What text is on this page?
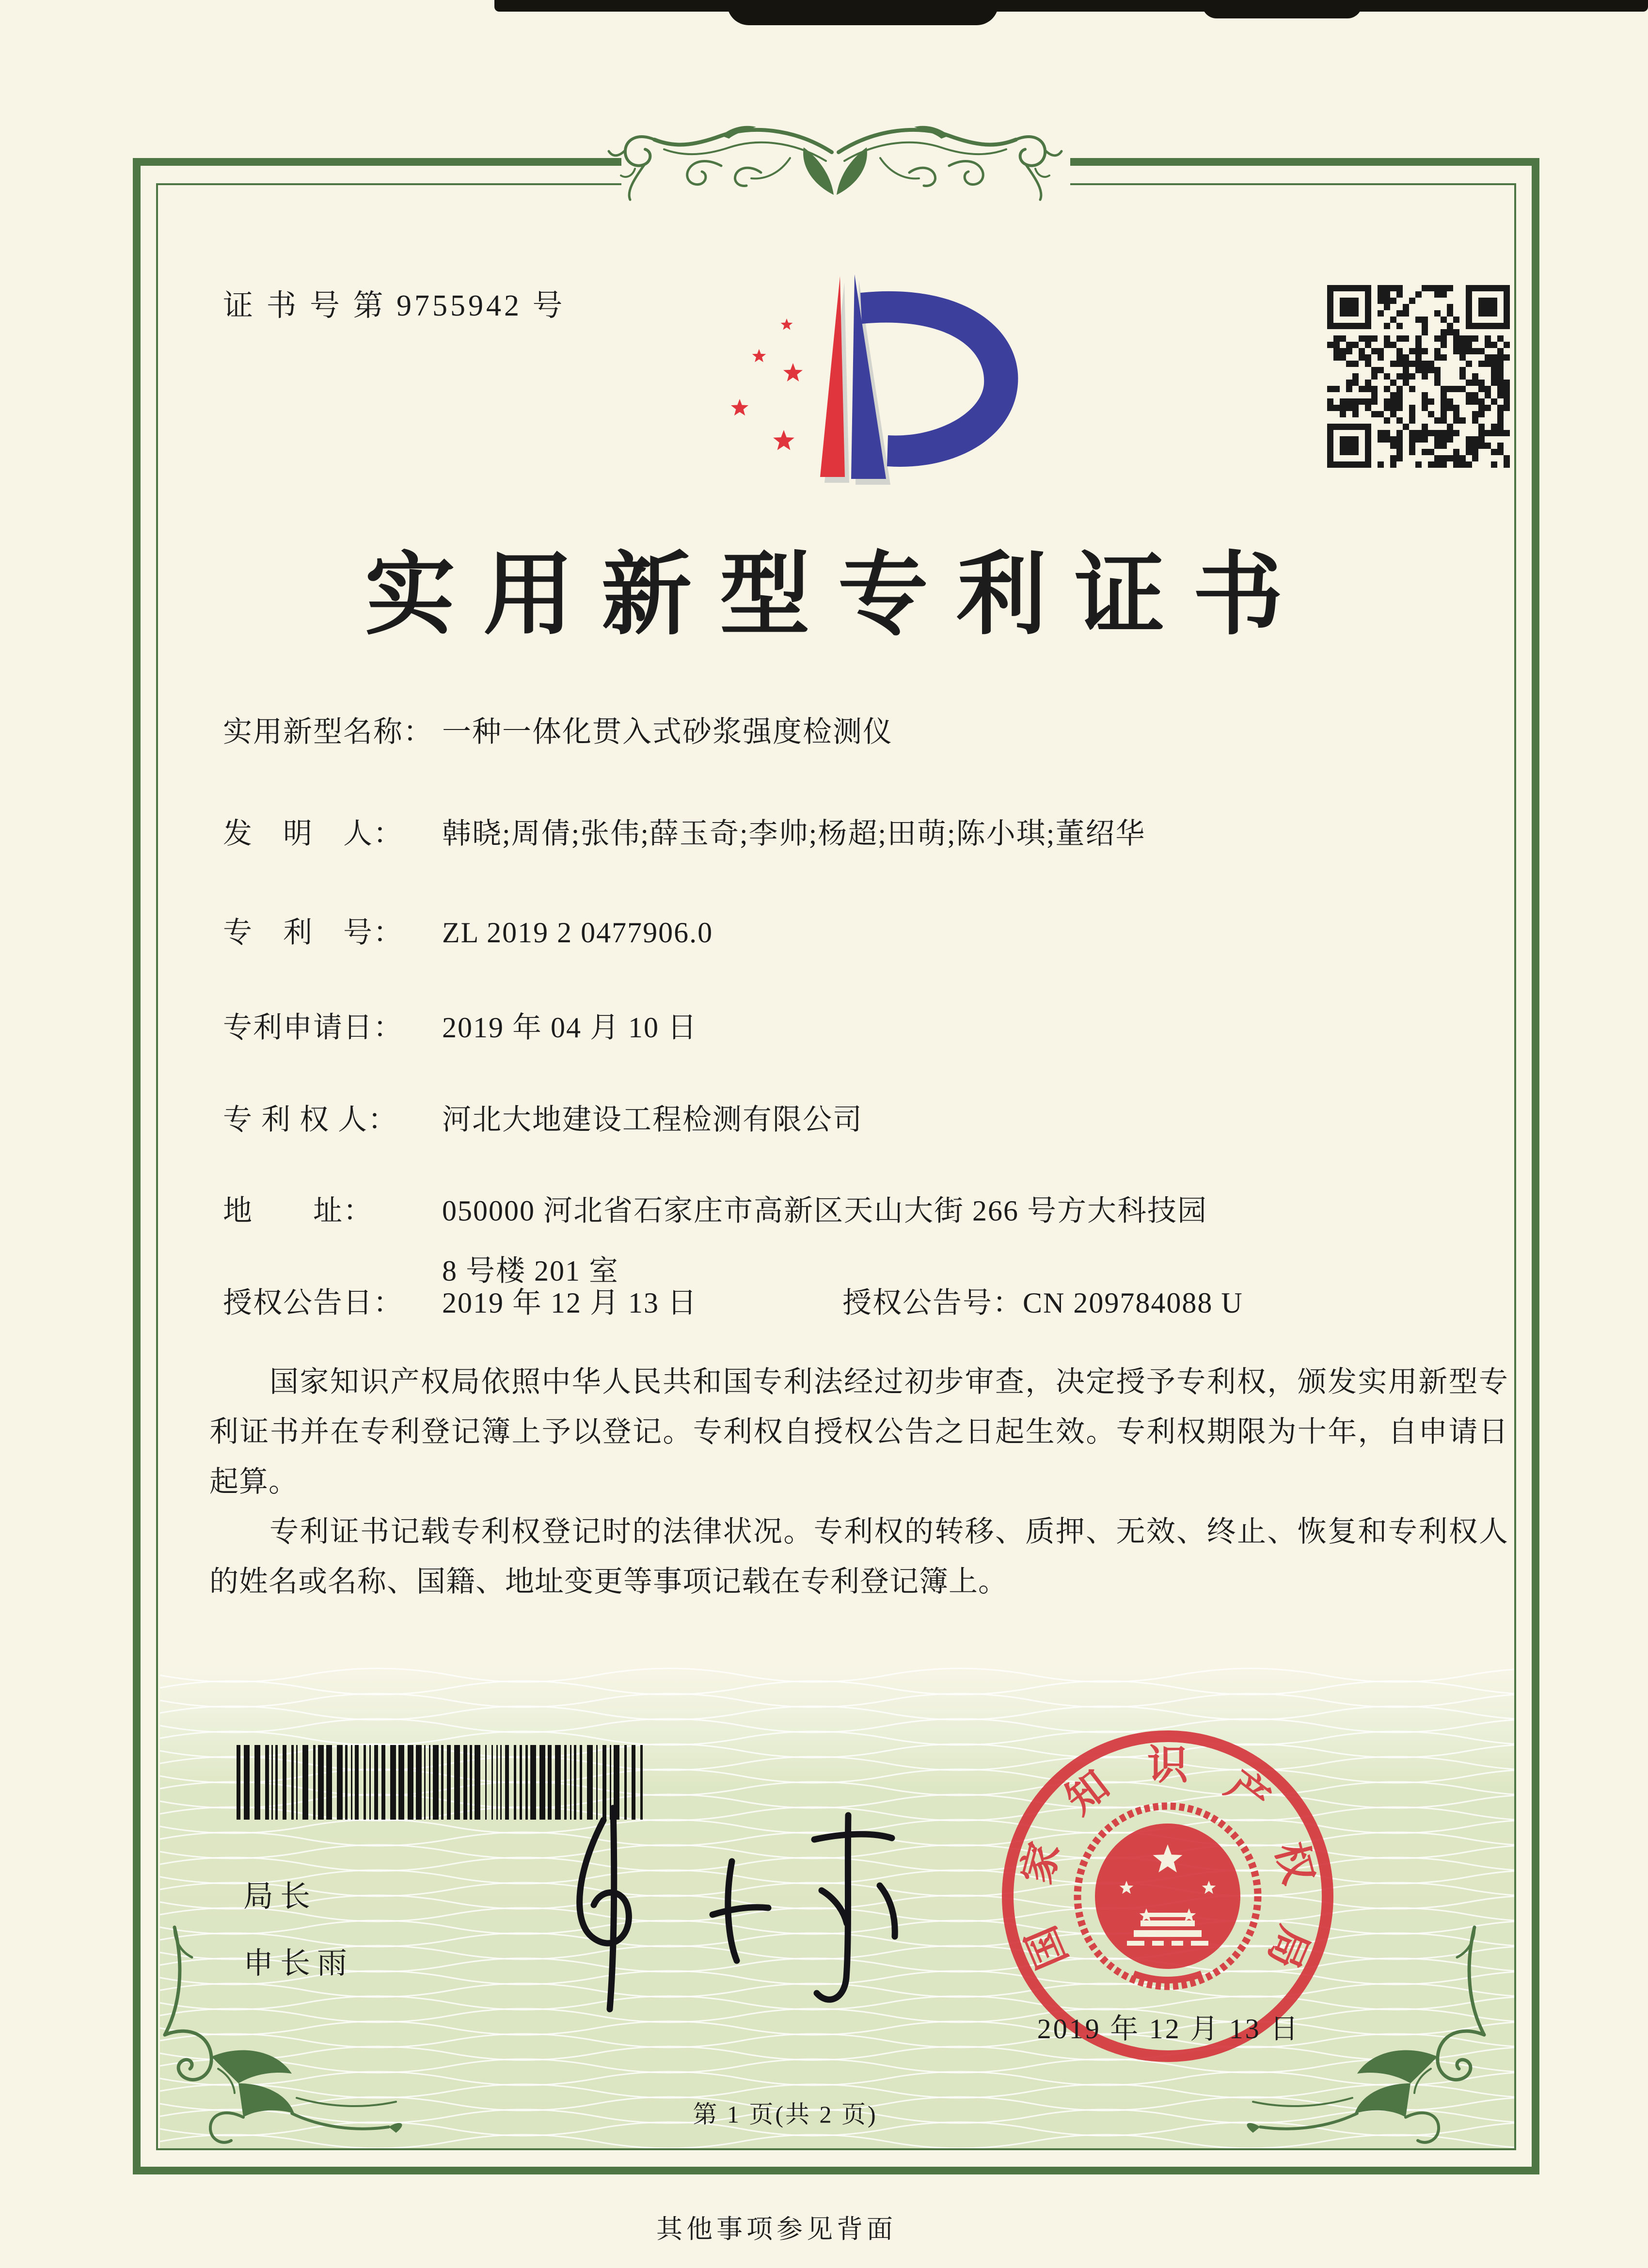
证 书 号 第 9755942 号
实用新型专利证书
实用新型名称： 一种一体化贯入式砂浆强度检测仪
发　明　人： 韩晓;周倩;张伟;薛玉奇;李帅;杨超;田萌;陈小琪;董绍华
专　利　号： ZL 2019 2 0477906.0
专利申请日： 2019 年 04 月 10 日
专 利 权 人： 河北大地建设工程检测有限公司
地　　址： 050000 河北省石家庄市高新区天山大街 266 号方大科技园
8 号楼 201 室
授权公告日： 2019 年 12 月 13 日	授权公告号：CN 209784088 U

国家知识产权局依照中华人民共和国专利法经过初步审查，决定授予专利权，颁发实用新型专利证书并在专利登记簿上予以登记。专利权自授权公告之日起生效。专利权期限为十年，自申请日起算。

专利证书记载专利权登记时的法律状况。专利权的转移、质押、无效、终止、恢复和专利权人的姓名或名称、国籍、地址变更等事项记载在专利登记簿上。

局长
申长雨	国
家
知 识 产
权
局
2019 年 12 月 13 日
第 1 页(共 2 页)
其他事项参见背面
